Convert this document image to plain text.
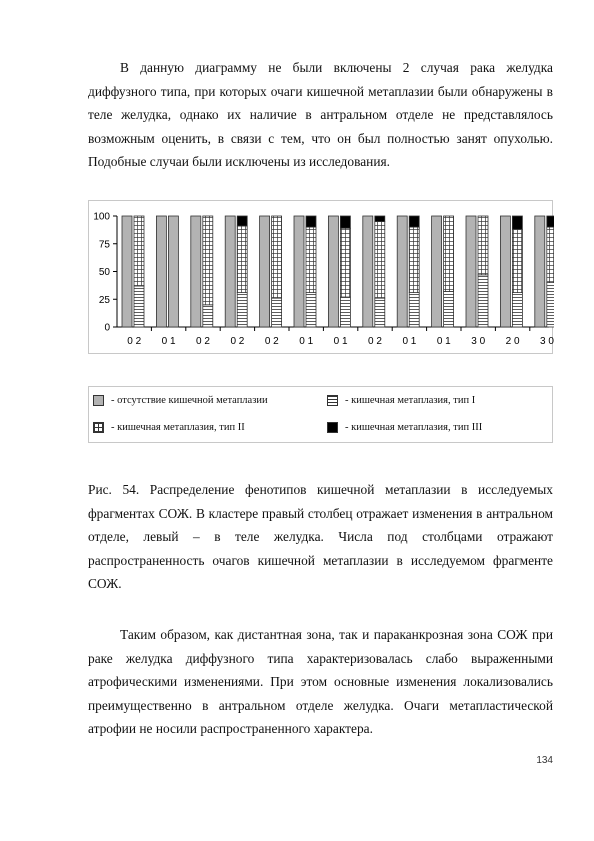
В данную диаграмму не были включены 2 случая рака желудка диффузного типа, при которых очаги кишечной метаплазии были обнаружены в теле желудка, однако их наличие в антральном отделе не представлялось возможным оценить, в связи с тем, что он был полностью занят опухолью. Подобные случаи были исключены из исследования.

0
25
50
75
100
0 2 0 1 0 2 0 2 0 2 0 1 0 1 0 2 0 1 0 1 3 0 2 0 3 0
- отсутствие кишечной метаплазии	- кишечная метаплазия, тип I
- кишечная метаплазия, тип II	- кишечная метаплазия, тип III

Рис. 54. Распределение фенотипов кишечной метаплазии в исследуемых фрагментах СОЖ. В кластере правый столбец отражает изменения в антральном отделе, левый – в теле желудка. Числа под столбцами отражают распространенность очагов кишечной метаплазии в исследуемом фрагменте СОЖ.

Таким образом, как дистантная зона, так и параканкрозная зона СОЖ при раке желудка диффузного типа характеризовалась слабо выраженными атрофическими изменениями. При этом основные изменения локализовались преимущественно в антральном отделе желудка. Очаги метапластической атрофии не носили распространенного характера.

134
